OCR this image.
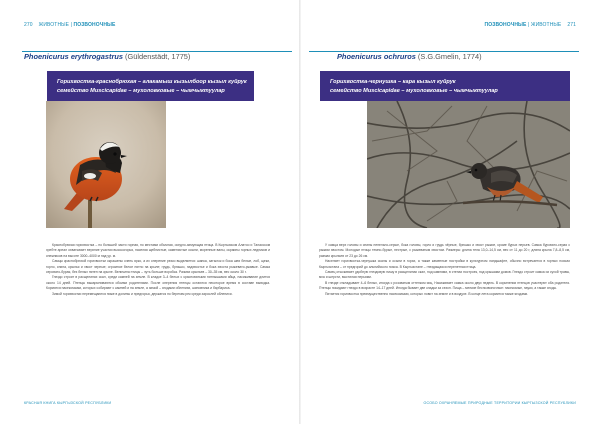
270 ЖИВОТНЫЕ | ПОЗВОНОЧНЫЕ	ПОЗВОНОЧНЫЕ | ЖИВОТНЫЕ 271
Phoenicurus erythrogastrus (Güldenstädt, 1775)	Phoenicurus ochruros (S.G.Gmelin, 1774)
Горихвостка-краснобрюхая – алакамыш кызылбоор кызыл куйрук
семейство Muscicapidae – мухоловковые – чымчыктуулар
Горихвостка-чернушка – кара кызыл куйрук
семейство Muscicapidae – мухоловковые – чымчыктуулар

Краснобрюхая горихвостка – по большей части горная, но местами обычная, оседло-зимующая птица. В Кыргызском Алатоо и Таласском хребте ареал охватывает верхние участки высокогорья, населяя щебнистые, каменистые осыпи, моренные валы, окраины горных ледников и снежников на высоте 3000–4000 м над ур. м.

Самцы краснобрюхой горихвостки окрашены очень ярко, а их оперение резко выделяется: шапка, затылок и бока шеи белые, лоб, щеки, горло, спина, крылья и хвост черные; огромное белое пятно на крыле; грудь, брюшко, надхвостье и бока хвоста рыжевато-ржавые. Самка серовато-бурая, без белых пятен на крыле. Величина птицы – чуть больше воробья. Размах крыльев – 30–35 см, вес около 30 г.

Гнездо строит в расщелинах скал, среди камней на земле. В кладке 3–4 белых с красноватыми пятнышками яйца, насиживание длится около 14 дней. Птенцы выкармливаются обоими родителями. После оперения птенцы остаются некоторое время в составе выводка. Кормятся насекомыми, которых собирают с камней и на земле, а зимой – ягодами облепихи, шиповника и барбариса.

Зимой горихвостки перемещаются ниже в долины и предгорья, держатся по берегам рек среди зарослей облепихи.

У самца верх головы и спины пепельно-серые, бока головы, горло и грудь чёрные, брюшко и хвост рыжие, кроме бурых перьев. Самка буровато-серая с рыжим хвостом. Молодые птицы темно-бурые, пестрые, с рыжеватым хвостом. Размеры: длина тела 13,0–14,5 см, вес от 11 до 20 г, длина крыла 7,8–8,5 см, размах крыльев от 23 до 26 см.

Населяет горихвостка-чернушка скалы и осыпи в горах, а также каменные постройки в культурном ландшафте, обычно встречается в горных поясах Кыргызстана – от предгорий до альпийского пояса. В Кыргызстане – гнездящаяся перелетная птица.

Самец отыскивает удобную гнездовую нишу в расщелинах скал, под камнями, в стенах построек, под крышами домов. Гнездо строит самка из сухой травы, мха и шерсти, выстилая перьями.

В гнезде откладывает 4–6 белых, иногда с розоватым оттенком яиц. Насиживает самка около двух недель. В кормлении птенцов участвуют оба родителя. Птенцы покидают гнездо в возрасте 14–17 дней. Иногда бывает две кладки за сезон. Пища – мелкие беспозвоночные: насекомые, пауки, а также ягоды.

Питается горихвостка преимущественно насекомыми, которых ловит на земле и в воздухе. В конце лета кормится также ягодами.

КРАСНАЯ КНИГА КЫРГЫЗСКОЙ РЕСПУБЛИКИ	ОСОБО ОХРАНЯЕМЫЕ ПРИРОДНЫЕ ТЕРРИТОРИИ КЫРГЫЗСКОЙ РЕСПУБЛИКИ
